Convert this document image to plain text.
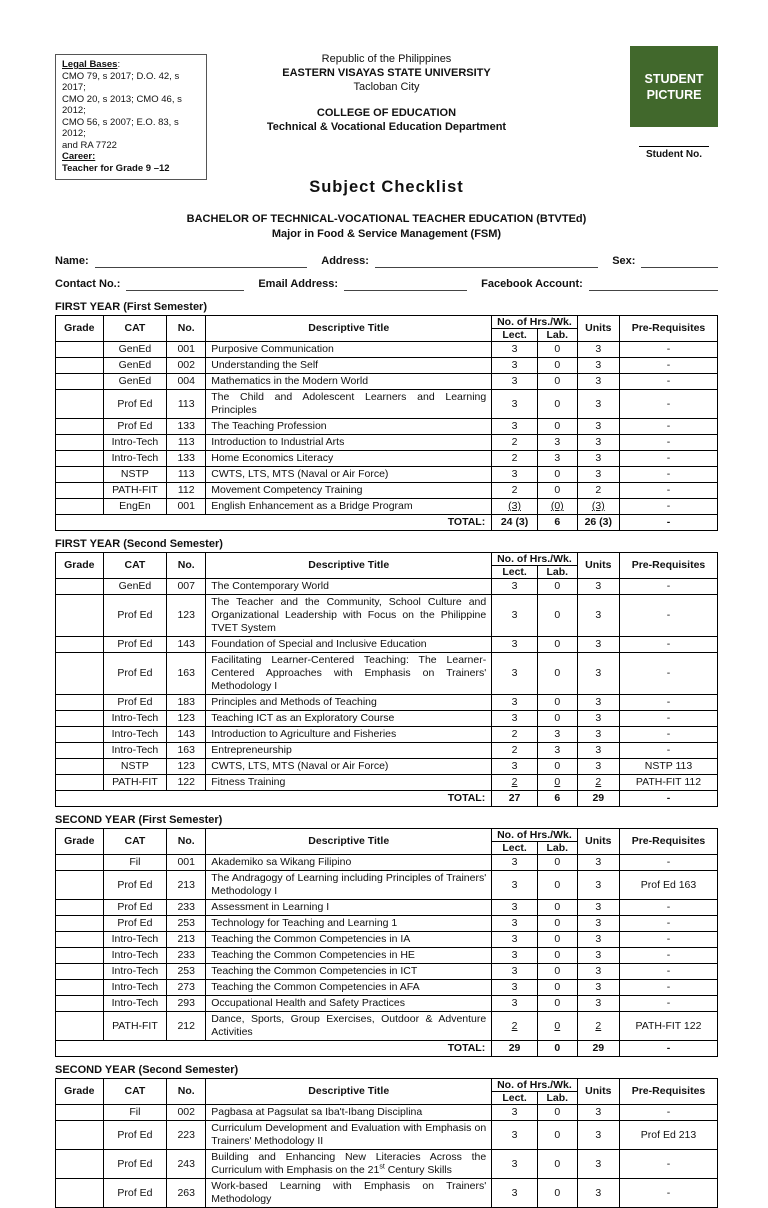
Legal Bases:
CMO 79, s 2017; D.O. 42, s 2017;
CMO 20, s 2013; CMO 46, s 2012;
CMO 56, s 2007; E.O. 83, s 2012;
and RA 7722
Career:
Teacher for Grade 9 –12
Republic of the Philippines
EASTERN VISAYAS STATE UNIVERSITY
Tacloban City
COLLEGE OF EDUCATION
Technical & Vocational Education Department
STUDENT PICTURE
Student No.
Subject Checklist
BACHELOR OF TECHNICAL-VOCATIONAL TEACHER EDUCATION (BTVTEd)
Major in Food & Service Management (FSM)
Name:	Address:	Sex:
Contact No.:	Email Address:	Facebook Account:
FIRST YEAR (First Semester)
Grade	CAT	No.	Descriptive Title	No. of Hrs./Wk.		Units	Pre-Requisites
				Lect.	Lab.		
	GenEd	001	Purposive Communication	3	0	3	-
	GenEd	002	Understanding the Self	3	0	3	-
	GenEd	004	Mathematics in the Modern World	3	0	3	-
	Prof Ed	113	The Child and Adolescent Learners and Learning Principles	3	0	3	-
	Prof Ed	133	The Teaching Profession	3	0	3	-
	Intro-Tech	113	Introduction to Industrial Arts	2	3	3	-
	Intro-Tech	133	Home Economics Literacy	2	3	3	-
	NSTP	113	CWTS, LTS, MTS (Naval or Air Force)	3	0	3	-
	PATH-FIT	112	Movement Competency Training	2	0	2	-
	EngEn	001	English Enhancement as a Bridge Program	(3)	(0)	(3)	-
TOTAL:				24 (3)	6	26 (3)	-
FIRST YEAR (Second Semester)
Grade	CAT	No.	Descriptive Title	No. of Hrs./Wk.		Units	Pre-Requisites
				Lect.	Lab.		
	GenEd	007	The Contemporary World	3	0	3	-
	Prof Ed	123	The Teacher and the Community, School Culture and Organizational Leadership with Focus on the Philippine TVET System	3	0	3	-
	Prof Ed	143	Foundation of Special and Inclusive Education	3	0	3	-
	Prof Ed	163	Facilitating Learner-Centered Teaching: The Learner-Centered Approaches with Emphasis on Trainers' Methodology I	3	0	3	-
	Prof Ed	183	Principles and Methods of Teaching	3	0	3	-
	Intro-Tech	123	Teaching ICT as an Exploratory Course	3	0	3	-
	Intro-Tech	143	Introduction to Agriculture and Fisheries	2	3	3	-
	Intro-Tech	163	Entrepreneurship	2	3	3	-
	NSTP	123	CWTS, LTS, MTS (Naval or Air Force)	3	0	3	NSTP 113
	PATH-FIT	122	Fitness Training	2	0	2	PATH-FIT 112
TOTAL:				27	6	29	-
SECOND YEAR (First Semester)
Grade	CAT	No.	Descriptive Title	No. of Hrs./Wk.		Units	Pre-Requisites
				Lect.	Lab.		
	Fil	001	Akademiko sa Wikang Filipino	3	0	3	-
	Prof Ed	213	The Andragogy of Learning including Principles of Trainers' Methodology I	3	0	3	Prof Ed 163
	Prof Ed	233	Assessment in Learning I	3	0	3	-
	Prof Ed	253	Technology for Teaching and Learning 1	3	0	3	-
	Intro-Tech	213	Teaching the Common Competencies in IA	3	0	3	-
	Intro-Tech	233	Teaching the Common Competencies in HE	3	0	3	-
	Intro-Tech	253	Teaching the Common Competencies in ICT	3	0	3	-
	Intro-Tech	273	Teaching the Common Competencies in AFA	3	0	3	-
	Intro-Tech	293	Occupational Health and Safety Practices	3	0	3	-
	PATH-FIT	212	Dance, Sports, Group Exercises, Outdoor & Adventure Activities	2	0	2	PATH-FIT 122
TOTAL:				29	0	29	-
SECOND YEAR (Second Semester)
Grade	CAT	No.	Descriptive Title	No. of Hrs./Wk.		Units	Pre-Requisites
				Lect.	Lab.		
	Fil	002	Pagbasa at Pagsulat sa Iba't-Ibang Disciplina	3	0	3	-
	Prof Ed	223	Curriculum Development and Evaluation with Emphasis on Trainers' Methodology II	3	0	3	Prof Ed 213
	Prof Ed	243	Building and Enhancing New Literacies Across the Curriculum with Emphasis on the 21st Century Skills	3	0	3	-
	Prof Ed	263	Work-based Learning with Emphasis on Trainers' Methodology	3	0	3	-
